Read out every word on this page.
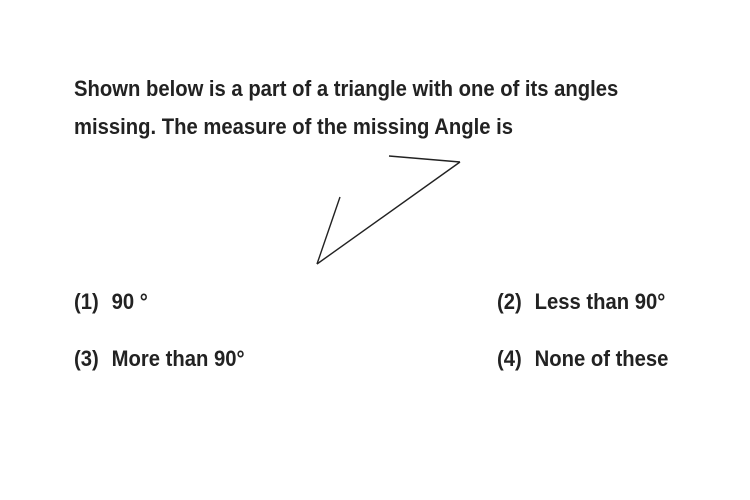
Shown below is a part of a triangle with one of its angles
missing. The measure of the missing Angle is
(1) 90 °	(2) Less than 90°
(3) More than 90°	(4) None of these
